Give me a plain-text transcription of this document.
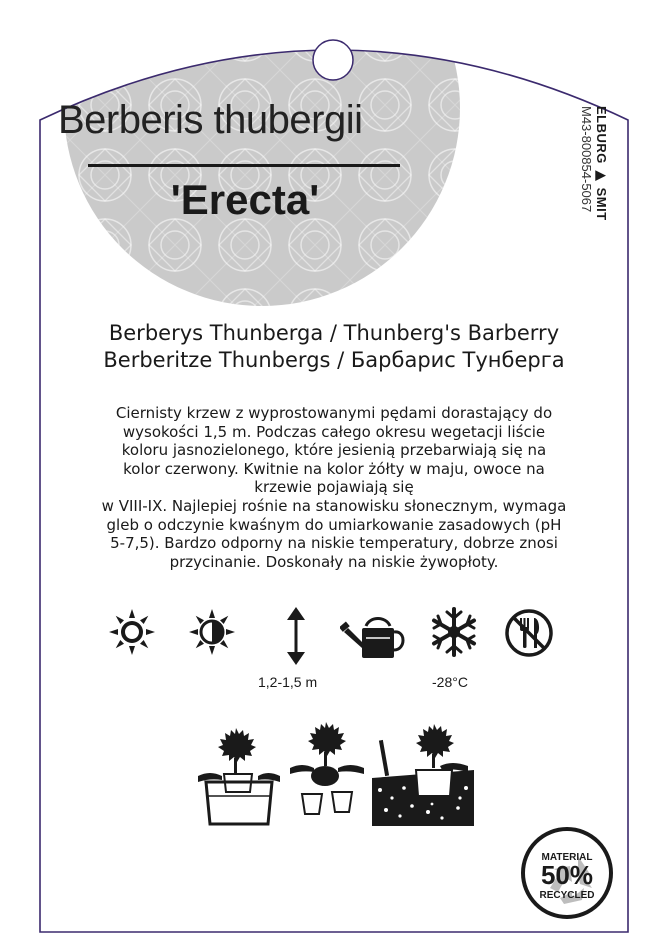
Berberis thubergii
'Erecta'	ELBURG ▶ SMIT
M43-800854-5067
Berberys Thunberga / Thunberg's Barberry
Berberitze Thunbergs / Барбарис Тунберга
Ciernisty krzew z wyprostowanymi pędami dorastający do
wysokości 1,5 m. Podczas całego okresu wegetacji liście
koloru jasnozielonego, które jesienią przebarwiają się na
kolor czerwony. Kwitnie na kolor żółty w maju, owoce na
krzewie pojawiają się
w VIII-IX. Najlepiej rośnie na stanowisku słonecznym, wymaga
gleb o odczynie kwaśnym do umiarkowanie zasadowych (pH
5-7,5). Bardzo odporny na niskie temperatury, dobrze znosi
przycinanie. Doskonały na niskie żywopłoty.
1,2-1,5 m	-28°C
MATERIAL
50%
RECYCLED
